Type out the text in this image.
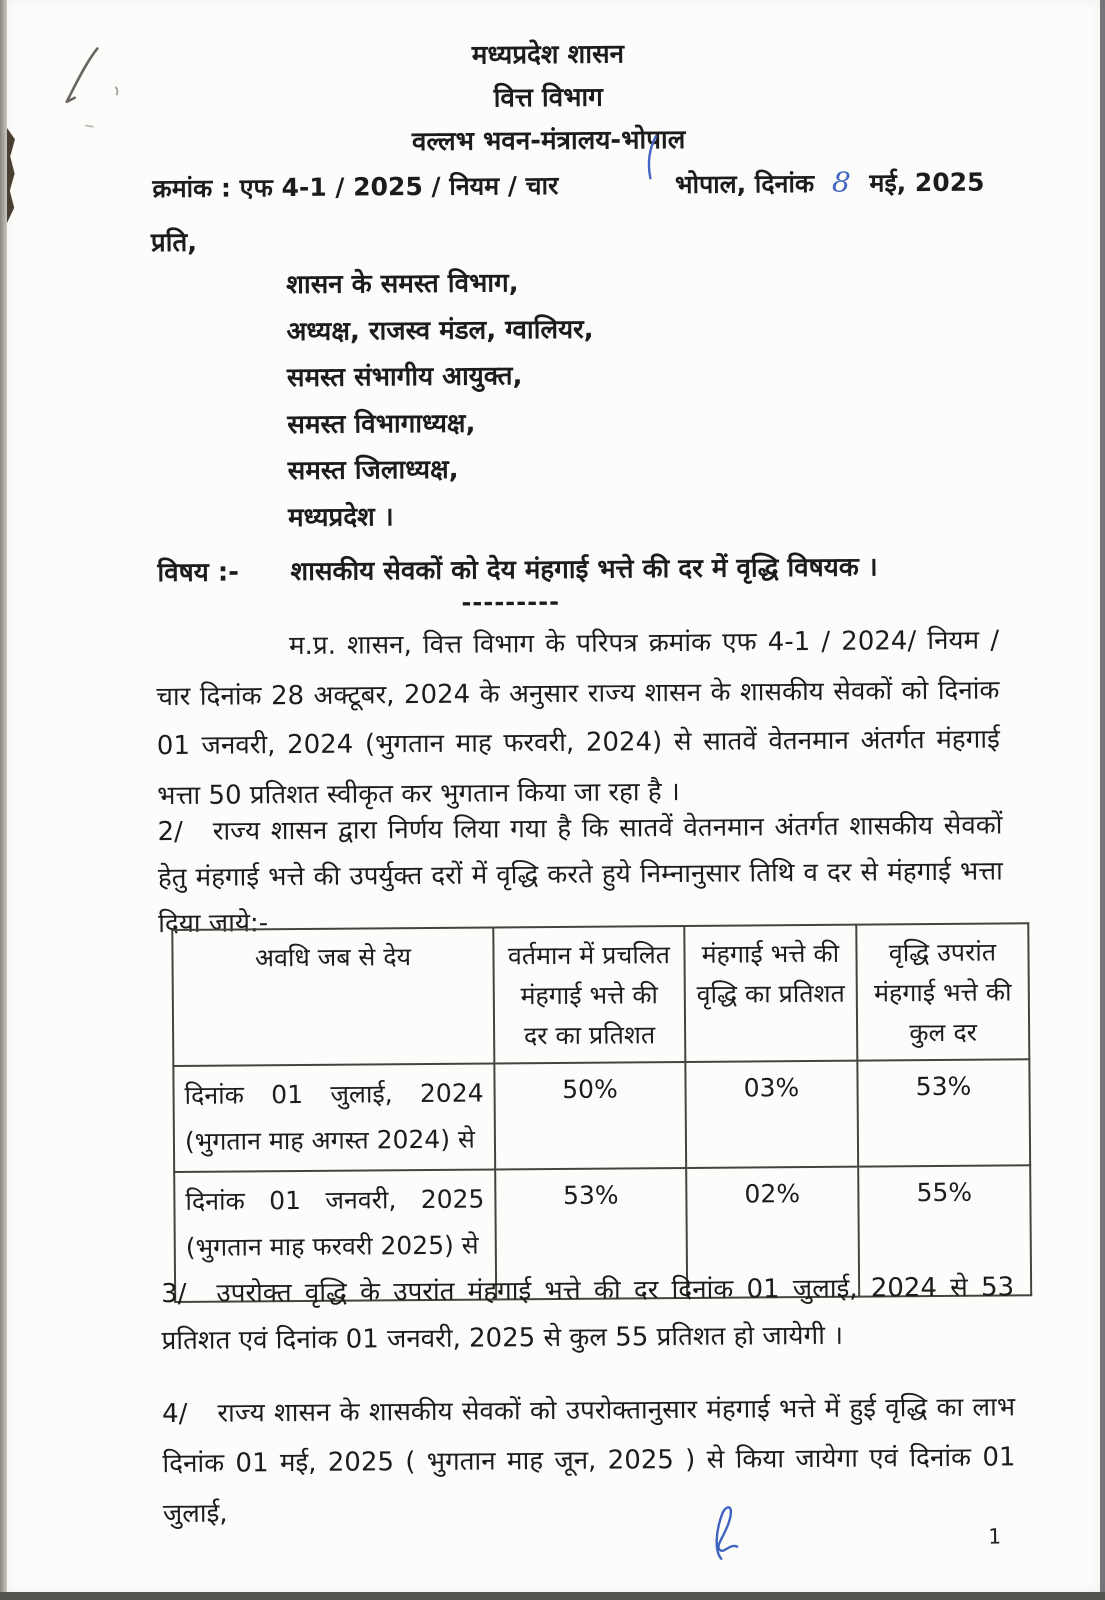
मध्यप्रदेश शासन
वित्त विभाग
वल्लभ भवन-मंत्रालय-भोपाल
क्रमांक : एफ 4-1 / 2025 / नियम / चार	भोपाल, दिनांक 8 मई, 2025
प्रति,
शासन के समस्त विभाग,
अध्यक्ष, राजस्व मंडल, ग्वालियर,
समस्त संभागीय आयुक्त,
समस्त विभागाध्यक्ष,
समस्त जिलाध्यक्ष,
मध्यप्रदेश ।
विषय :-	शासकीय सेवकों को देय मंहगाई भत्ते की दर में वृद्धि विषयक ।
---------

म.प्र. शासन, वित्त विभाग के परिपत्र क्रमांक एफ 4-1 / 2024/ नियम / चार दिनांक 28 अक्टूबर, 2024 के अनुसार राज्य शासन के शासकीय सेवकों को दिनांक 01 जनवरी, 2024 (भुगतान माह फरवरी, 2024) से सातवें वेतनमान अंतर्गत मंहगाई भत्ता 50 प्रतिशत स्वीकृत कर भुगतान किया जा रहा है ।

2/ राज्य शासन द्वारा निर्णय लिया गया है कि सातवें वेतनमान अंतर्गत शासकीय सेवकों हेतु मंहगाई भत्ते की उपर्युक्त दरों में वृद्धि करते हुये निम्नानुसार तिथि व दर से मंहगाई भत्ता दिया जाये:-

अवधि जब से देय	वर्तमान में प्रचलित मंहगाई भत्ते की दर का प्रतिशत	मंहगाई भत्ते की वृद्धि का प्रतिशत	वृद्धि उपरांत मंहगाई भत्ते की कुल दर
दिनांक 01 जुलाई, 2024 (भुगतान माह अगस्त 2024) से	50%	03%	53%
दिनांक 01 जनवरी, 2025 (भुगतान माह फरवरी 2025) से	53%	02%	55%

3/ उपरोक्त वृद्धि के उपरांत मंहगाई भत्ते की दर दिनांक 01 जुलाई, 2024 से 53 प्रतिशत एवं दिनांक 01 जनवरी, 2025 से कुल 55 प्रतिशत हो जायेगी ।

4/ राज्य शासन के शासकीय सेवकों को उपरोक्तानुसार मंहगाई भत्ते में हुई वृद्धि का लाभ दिनांक 01 मई, 2025 ( भुगतान माह जून, 2025 ) से किया जायेगा एवं दिनांक 01 जुलाई,

1
